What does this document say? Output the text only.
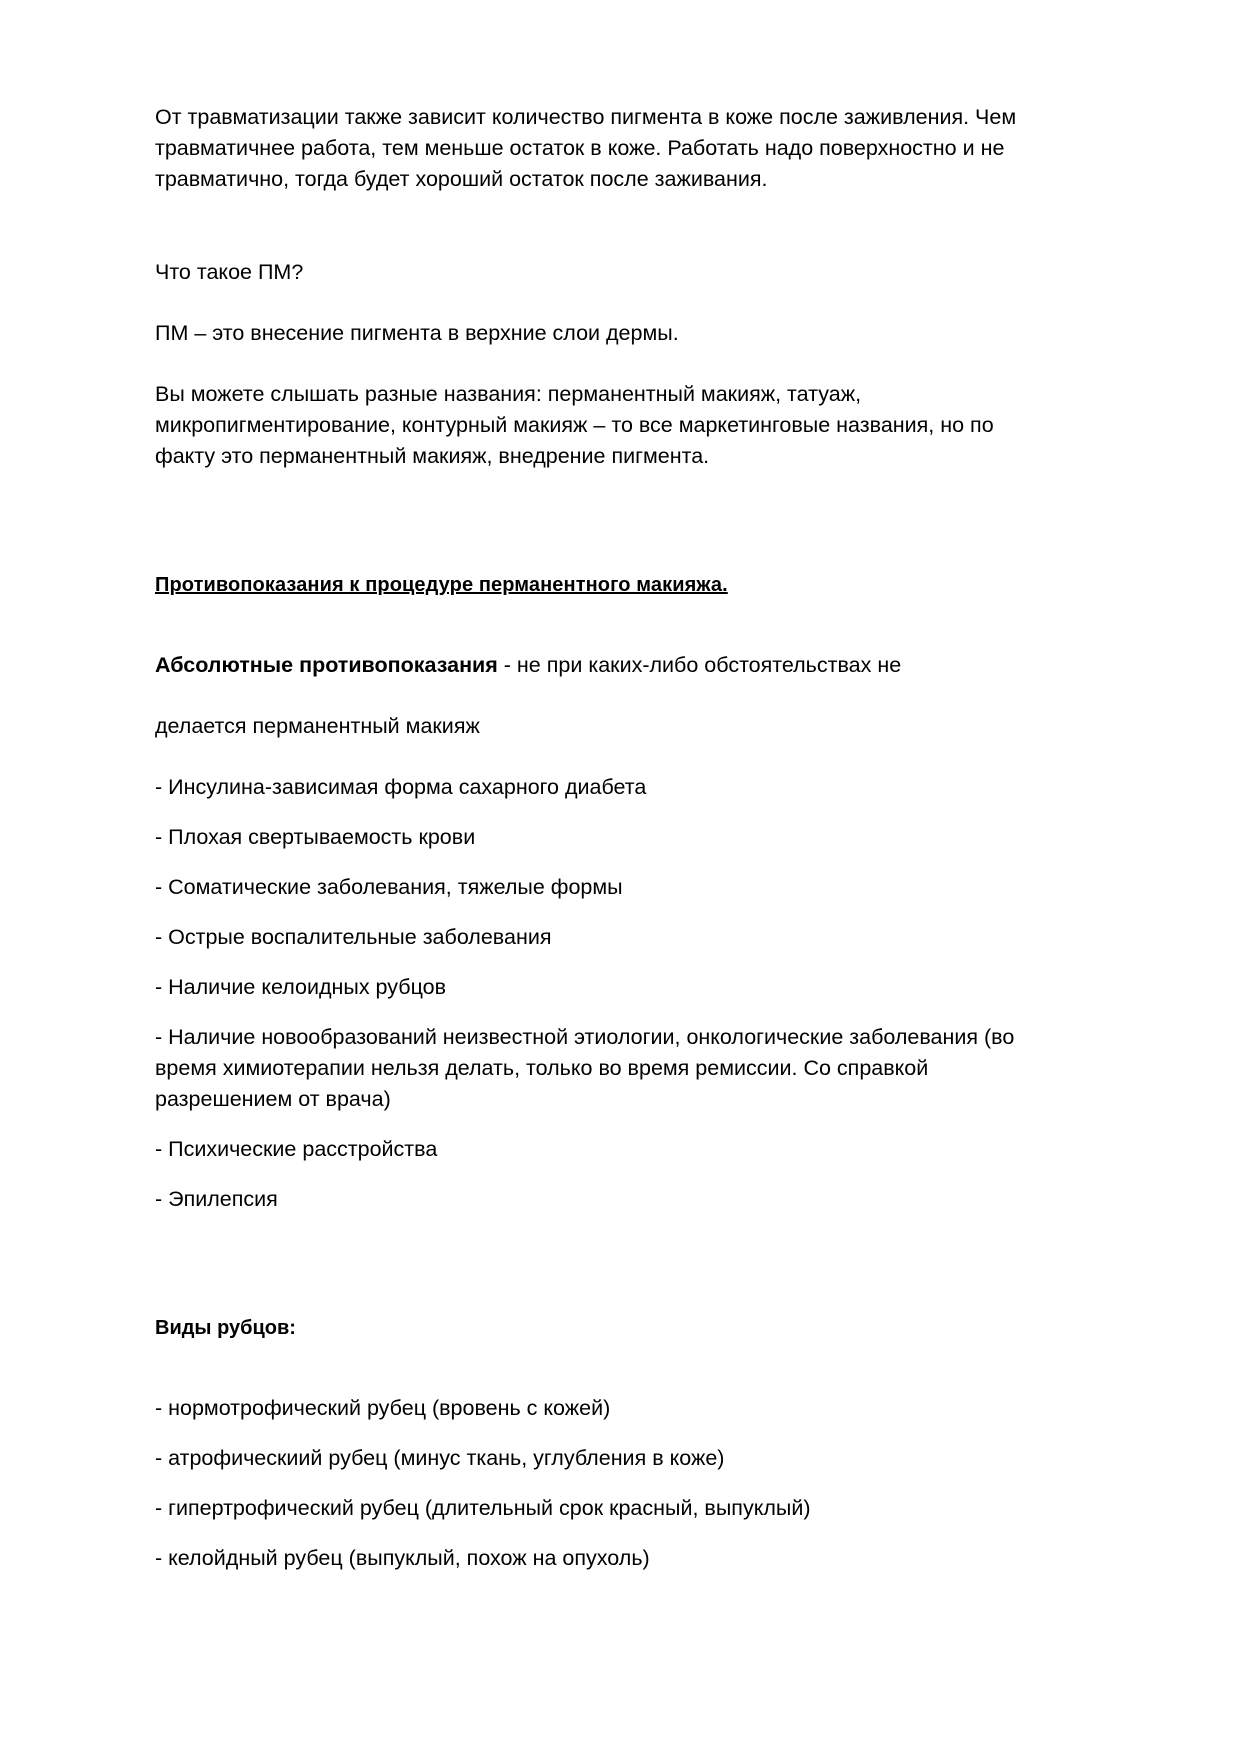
От травматизации также зависит количество пигмента в коже после заживления. Чем травматичнее работа, тем меньше остаток в коже. Работать надо поверхностно и не травматично, тогда будет хороший остаток после заживания.

Что такое ПМ?

ПМ – это внесение пигмента в верхние слои дермы.

Вы можете слышать разные названия: перманентный макияж, татуаж, микропигментирование, контурный макияж – то все маркетинговые названия, но по факту это перманентный макияж, внедрение пигмента.

Противопоказания к процедуре перманентного макияжа.

Абсолютные противопоказания - не при каких-либо обстоятельствах не

делается перманентный макияж

- Инсулина-зависимая форма сахарного диабета

- Плохая свертываемость крови

- Соматические заболевания, тяжелые формы

- Острые воспалительные заболевания

- Наличие келоидных рубцов

- Наличие новообразований неизвестной этиологии, онкологические заболевания (во время химиотерапии нельзя делать, только во время ремиссии. Со справкой разрешением от врача)

- Психические расстройства

- Эпилепсия

Виды рубцов:

- нормотрофический рубец (вровень с кожей)

- атрофическиий рубец (минус ткань, углубления в коже)

- гипертрофический рубец (длительный срок красный, выпуклый)

- келойдный рубец (выпуклый, похож на опухоль)
